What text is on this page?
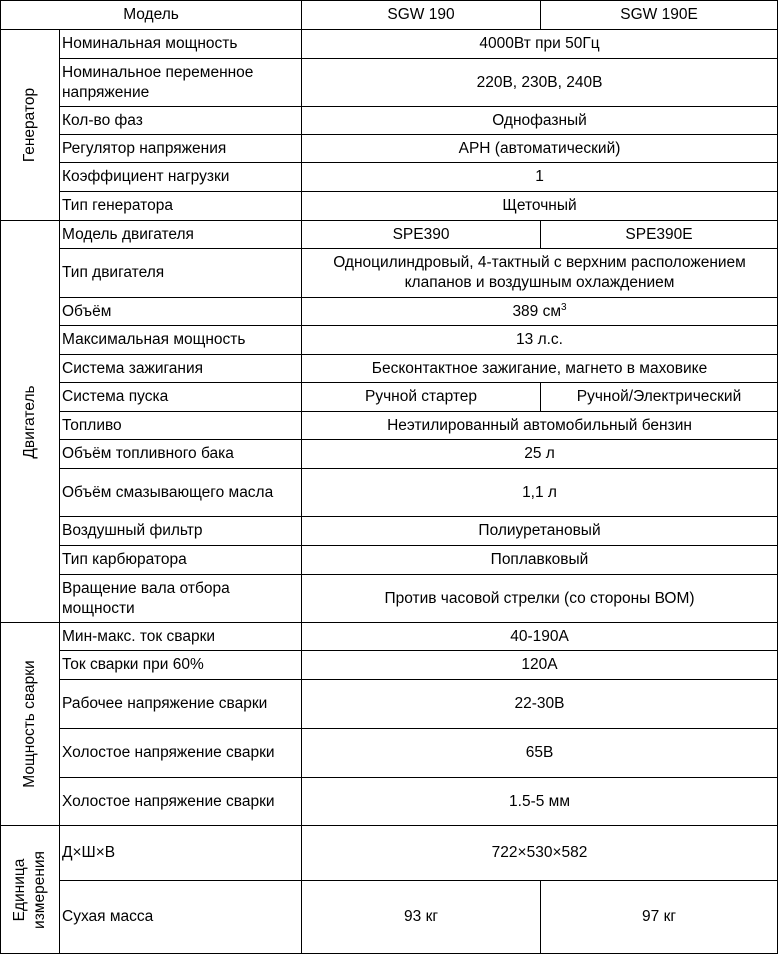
Модель		SGW 190	SGW 190E

Генератор	Номинальная мощность	4000Вт при 50Гц	
	Номинальное переменное напряжение	220В, 230В, 240В	
	Кол-во фаз	Однофазный	
	Регулятор напряжения	АРН (автоматический)	
	Коэффициент нагрузки	1	
	Тип генератора	Щеточный	

Двигатель	Модель двигателя	SPE390	SPE390E
	Тип двигателя	Одноцилиндровый, 4-тактный с верхним расположением клапанов и воздушным охлаждением	
	Объём	389 $см^3$
	Максимальная мощность	13 л.с.	
	Система зажигания	Бесконтактное зажигание, магнето в маховике	
	Система пуска	Ручной стартер	Ручной/Электрический
	Топливо	Неэтилированный автомобильный бензин	
	Объём топливного бака	25 л	
	Объём смазывающего масла	1,1 л	
	Воздушный фильтр	Полиуретановый	
	Тип карбюратора	Поплавковый	
	Вращение вала отбора мощности	Против часовой стрелки (со стороны ВОМ)	

Мощность сварки	Мин-макс. ток сварки	40-190А	
	Ток сварки при 60%	120А	
	Рабочее напряжение сварки	22-30В	
	Холостое напряжение сварки	65В	
	Холостое напряжение сварки	1.5-5 мм	

Единица измерения	Д×Ш×В	722×530×582	
	Сухая масса	93 кг	97 кг
